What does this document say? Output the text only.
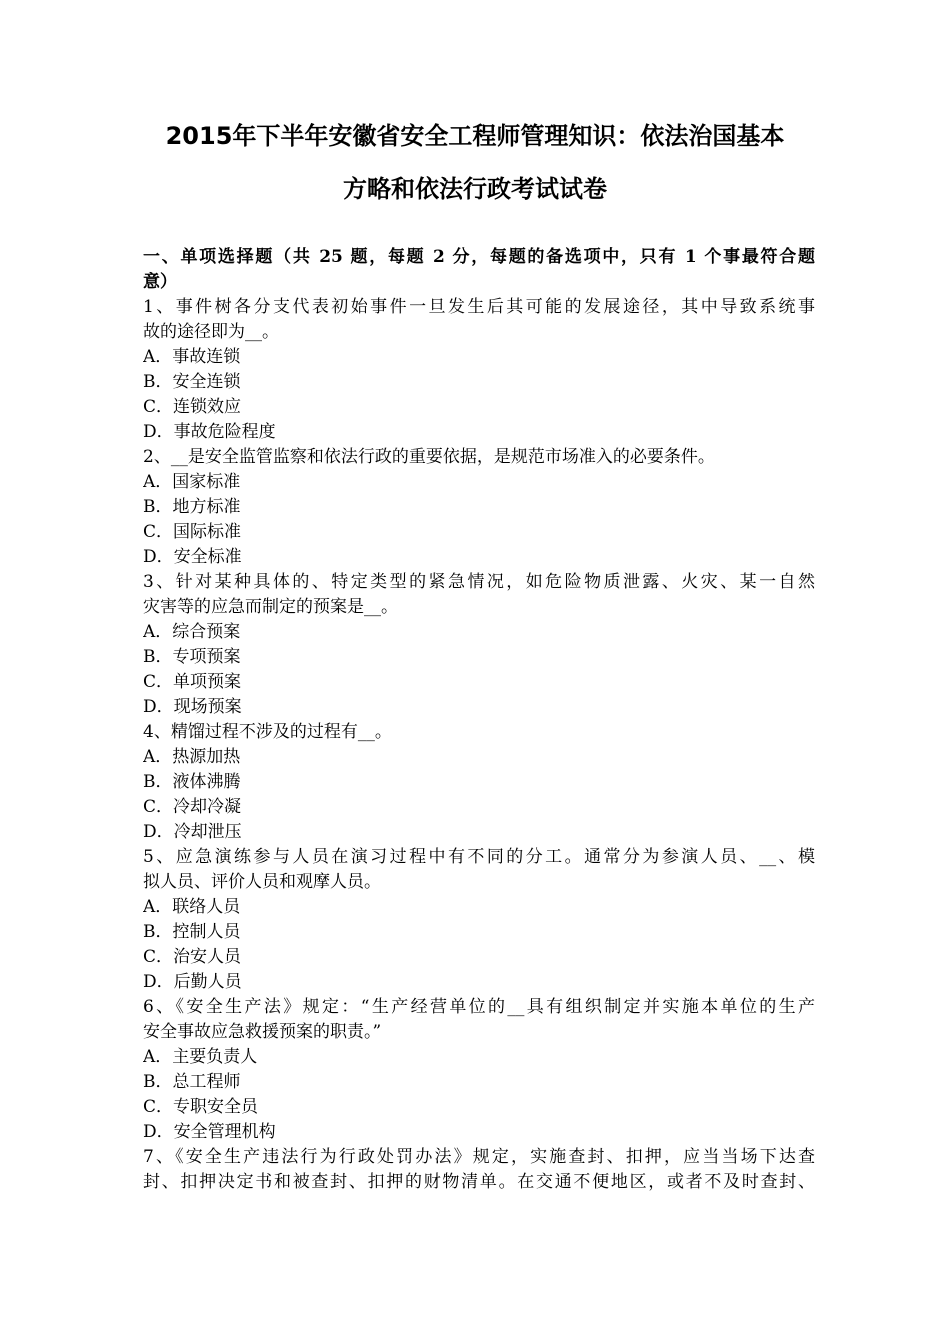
2015年下半年安徽省安全工程师管理知识：依法治国基本
方略和依法行政考试试卷
一、单项选择题（共 25 题，每题 2 分，每题的备选项中，只有 1 个事最符合题
意）
1、事件树各分支代表初始事件一旦发生后其可能的发展途径，其中导致系统事
故的途径即为__。
A．事故连锁
B．安全连锁
C．连锁效应
D．事故危险程度
2、__是安全监管监察和依法行政的重要依据，是规范市场准入的必要条件。
A．国家标准
B．地方标准
C．国际标准
D．安全标准
3、针对某种具体的、特定类型的紧急情况，如危险物质泄露、火灾、某一自然
灾害等的应急而制定的预案是__。
A．综合预案
B．专项预案
C．单项预案
D．现场预案
4、精馏过程不涉及的过程有__。
A．热源加热
B．液体沸腾
C．冷却冷凝
D．冷却泄压
5、应急演练参与人员在演习过程中有不同的分工。通常分为参演人员、__、模
拟人员、评价人员和观摩人员。
A．联络人员
B．控制人员
C．治安人员
D．后勤人员
6、《安全生产法》规定：“生产经营单位的__具有组织制定并实施本单位的生产
安全事故应急救援预案的职责。”
A．主要负责人
B．总工程师
C．专职安全员
D．安全管理机构
7、《安全生产违法行为行政处罚办法》规定，实施查封、扣押，应当当场下达查
封、扣押决定书和被查封、扣押的财物清单。在交通不便地区，或者不及时查封、
